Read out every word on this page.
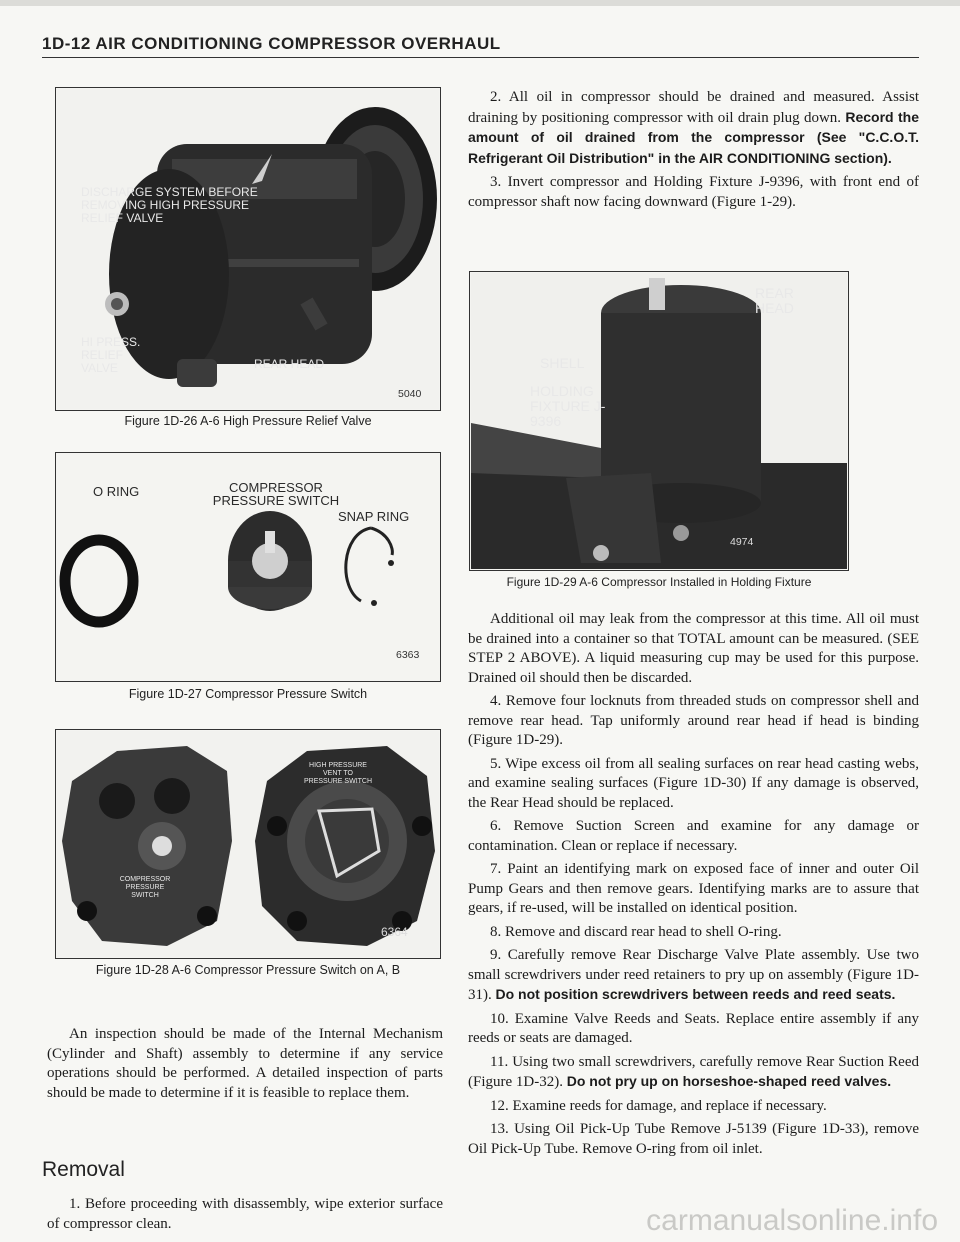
1D-12 AIR CONDITIONING COMPRESSOR OVERHAUL
DISCHARGE SYSTEM BEFORE REMOVING HIGH PRESSURE RELIEF VALVE
HI PRESS. RELIEF VALVE	REAR HEAD
5040
Figure 1D-26 A-6 High Pressure Relief Valve
O RING	COMPRESSOR PRESSURE SWITCH
SNAP RING
6363
Figure 1D-27 Compressor Pressure Switch
HIGH PRESSURE VENT TO PRESSURE SWITCH
COMPRESSOR PRESSURE SWITCH
6364
Figure 1D-28 A-6 Compressor Pressure Switch on A, B

An inspection should be made of the Internal Mechanism (Cylinder and Shaft) assembly to determine if any service operations should be performed. A detailed inspection of parts should be made to determine if it is feasible to replace them.

Removal

1. Before proceeding with disassembly, wipe exterior surface of compressor clean.

2. All oil in compressor should be drained and measured. Assist draining by positioning compressor with oil drain plug down. Record the amount of oil drained from the compressor (See "C.C.O.T. Refrigerant Oil Distribution" in the AIR CONDITIONING section).

3. Invert compressor and Holding Fixture J-9396, with front end of compressor shaft now facing downward (Figure 1-29).

REAR HEAD
SHELL
HOLDING FIXTURE J-9396
4974
Figure 1D-29 A-6 Compressor Installed in Holding Fixture

Additional oil may leak from the compressor at this time. All oil must be drained into a container so that TOTAL amount can be measured. (SEE STEP 2 ABOVE). A liquid measuring cup may be used for this purpose. Drained oil should then be discarded.

4. Remove four locknuts from threaded studs on compressor shell and remove rear head. Tap uniformly around rear head if head is binding (Figure 1D-29).

5. Wipe excess oil from all sealing surfaces on rear head casting webs, and examine sealing surfaces (Figure 1D-30) If any damage is observed, the Rear Head should be replaced.

6. Remove Suction Screen and examine for any damage or contamination. Clean or replace if necessary.

7. Paint an identifying mark on exposed face of inner and outer Oil Pump Gears and then remove gears. Identifying marks are to assure that gears, if re-used, will be installed on identical position.

8. Remove and discard rear head to shell O-ring.

9. Carefully remove Rear Discharge Valve Plate assembly. Use two small screwdrivers under reed retainers to pry up on assembly (Figure 1D-31). Do not position screwdrivers between reeds and reed seats.

10. Examine Valve Reeds and Seats. Replace entire assembly if any reeds or seats are damaged.

11. Using two small screwdrivers, carefully remove Rear Suction Reed (Figure 1D-32). Do not pry up on horseshoe-shaped reed valves.

12. Examine reeds for damage, and replace if necessary.

13. Using Oil Pick-Up Tube Remove J-5139 (Figure 1D-33), remove Oil Pick-Up Tube. Remove O-ring from oil inlet.

carmanualsonline.info
